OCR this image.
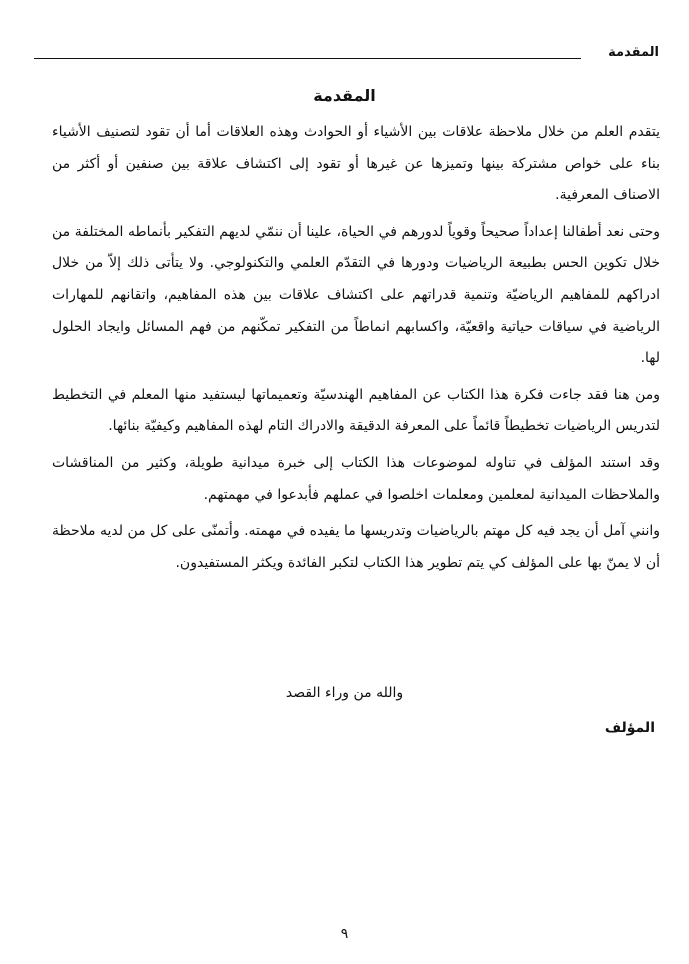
المقدمة
المقدمة

يتقدم العلم من خلال ملاحظة علاقات بين الأشياء أو الحوادث وهذه العلاقات أما أن تقود لتصنيف الأشياء بناء على خواص مشتركة بينها وتميزها عن غيرها أو تقود إلى اكتشاف علاقة بين صنفين أو أكثر من الاصناف المعرفية.

وحتى نعد أطفالنا إعداداً صحيحاً وقوياً لدورهم في الحياة، علينا أن ننمّي لديهم التفكير بأنماطه المختلفة من خلال تكوين الحس بطبيعة الرياضيات ودورها في التقدّم العلمي والتكنولوجي. ولا يتأتى ذلك إلاّ من خلال ادراكهم للمفاهيم الرياضيّة وتنمية قدراتهم على اكتشاف علاقات بين هذه المفاهيم، واتقانهم للمهارات الرياضية في سياقات حياتية واقعيّة، واكسابهم انماطاً من التفكير تمكّنهم من فهم المسائل وايجاد الحلول لها.

ومن هنا فقد جاءت فكرة هذا الكتاب عن المفاهيم الهندسيّة وتعميماتها ليستفيد منها المعلم في التخطيط لتدريس الرياضيات تخطيطاً قائماً على المعرفة الدقيقة والادراك التام لهذه المفاهيم وكيفيّة بنائها.

وقد استند المؤلف في تناوله لموضوعات هذا الكتاب إلى خبرة ميدانية طويلة، وكثير من المناقشات والملاحظات الميدانية لمعلمين ومعلمات اخلصوا في عملهم فأبدعوا في مهمتهم.

وانني آمل أن يجد فيه كل مهتم بالرياضيات وتدريسها ما يفيده في مهمته. وأتمنّى على كل من لديه ملاحظة أن لا يمنّ بها على المؤلف كي يتم تطوير هذا الكتاب لتكبر الفائدة ويكثر المستفيدون.

والله من وراء القصد
المؤلف
٩
